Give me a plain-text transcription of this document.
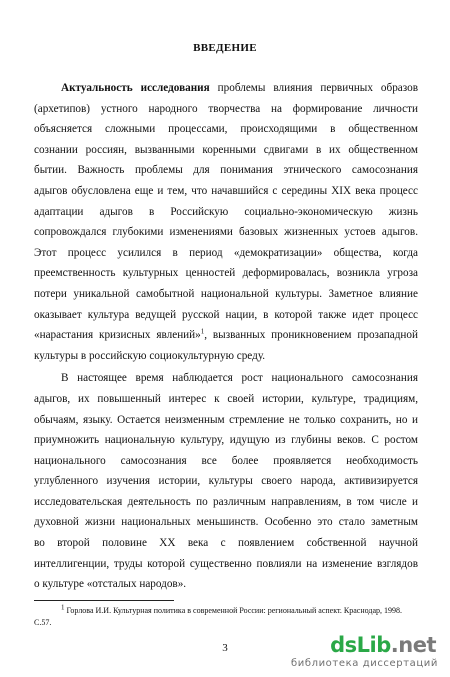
ВВЕДЕНИЕ
Актуальность исследования проблемы влияния первичных образов
(архетипов) устного народного творчества на формирование личности
объясняется сложными процессами, происходящими в общественном
сознании россиян, вызванными коренными сдвигами в их общественном
бытии. Важность проблемы для понимания этнического самосознания
адыгов обусловлена еще и тем, что начавшийся с середины XIX века процесс
адаптации адыгов в Российскую социально-экономическую жизнь
сопровождался глубокими изменениями базовых жизненных устоев адыгов.
Этот процесс усилился в период «демократизации» общества, когда
преемственность культурных ценностей деформировалась, возникла угроза
потери уникальной самобытной национальной культуры. Заметное влияние
оказывает культура ведущей русской нации, в которой также идет процесс
«нарастания кризисных явлений»$^1$, вызванных проникновением прозападной
культуры в российскую социокультурную среду.
В настоящее время наблюдается рост национального самосознания
адыгов, их повышенный интерес к своей истории, культуре, традициям,
обычаям, языку. Остается неизменным стремление не только сохранить, но и
приумножить национальную культуру, идущую из глубины веков. С ростом
национального самосознания все более проявляется необходимость
углубленного изучения истории, культуры своего народа, активизируется
исследовательская деятельность по различным направлениям, в том числе и
духовной жизни национальных меньшинств. Особенно это стало заметным
во второй половине XX века с появлением собственной научной
интеллигенции, труды которой существенно повлияли на изменение взглядов
о культуре «отсталых народов».
$^1$ Горлова И.И. Культурная политика в современной России: региональный аспект. Краснодар, 1998.
С.57.
3	dsLib.net
библиотека диссертаций
